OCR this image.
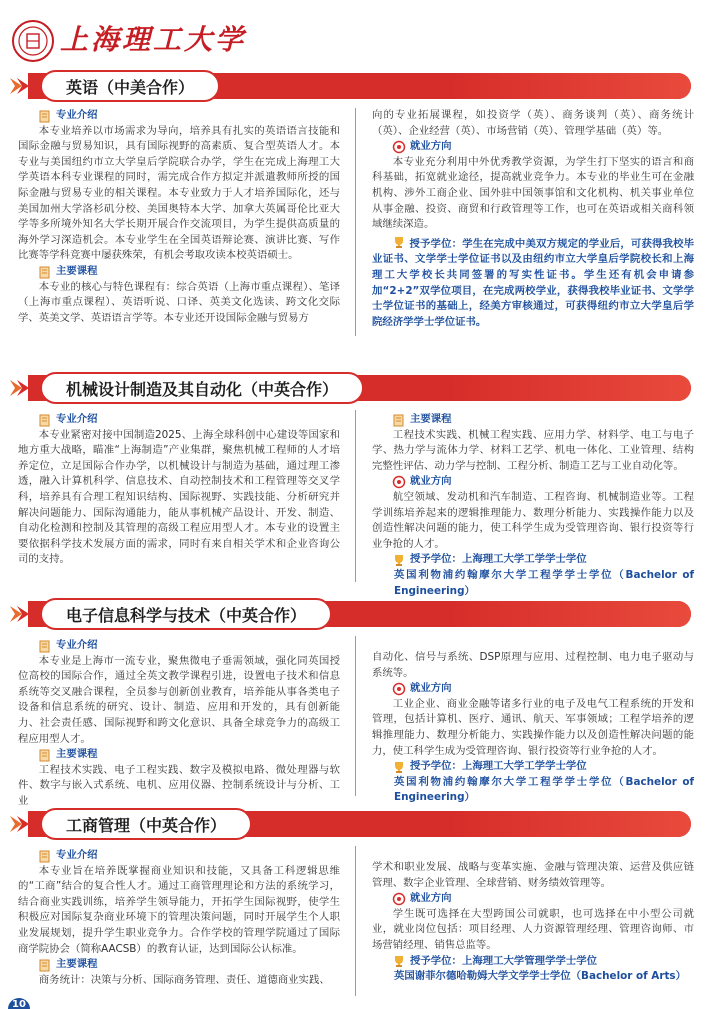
上海理工大学
英语（中美合作）
专业介绍

本专业培养以市场需求为导向，培养具有扎实的英语语言技能和国际金融与贸易知识，具有国际视野的高素质、复合型英语人才。本专业与美国纽约市立大学皇后学院联合办学，学生在完成上海理工大学英语本科专业课程的同时，需完成合作方拟定并派遣教师所授的国际金融与贸易专业的相关课程。本专业致力于人才培养国际化，还与美国加州大学洛杉矶分校、美国奥特本大学、加拿大英属哥伦比亚大学等多所境外知名大学长期开展合作交流项目，为学生提供高质量的海外学习深造机会。本专业学生在全国英语辩论赛、演讲比赛、写作比赛等学科竞赛中屡获殊荣，有机会考取攻读本校英语硕士。

主要课程

本专业的核心与特色课程有：综合英语（上海市重点课程）、笔译（上海市重点课程）、英语听说、口译、英美文化选读、跨文化交际学、英美文学、英语语言学等。本专业还开设国际金融与贸易方

向的专业拓展课程，如投资学（英）、商务谈判（英）、商务统计（英）、企业经营（英）、市场营销（英）、管理学基础（英）等。

就业方向

本专业充分利用中外优秀教学资源，为学生打下坚实的语言和商科基础，拓宽就业途径，提高就业竞争力。本专业的毕业生可在金融机构、涉外工商企业、国外驻中国领事馆和文化机构、机关事业单位从事金融、投资、商贸和行政管理等工作，也可在英语或相关商科领域继续深造。

授予学位：学生在完成中美双方规定的学业后，可获得我校毕业证书、文学学士学位证书以及由纽约市立大学皇后学院校长和上海理工大学校长共同签署的写实性证书。学生还有机会申请参加“2+2”双学位项目，在完成两校学业，获得我校毕业证书、文学学士学位证书的基础上，经美方审核通过，可获得纽约市立大学皇后学院经济学学士学位证书。

机械设计制造及其自动化（中英合作）
专业介绍

本专业紧密对接中国制造2025、上海全球科创中心建设等国家和地方重大战略，瞄准“上海制造”产业集群，聚焦机械工程师的人才培养定位，立足国际合作办学，以机械设计与制造为基础，通过理工渗透，融入计算机科学、信息技术、自动控制技术和工程管理等交叉学科，培养具有合理工程知识结构、国际视野、实践技能、分析研究并解决问题能力、国际沟通能力，能从事机械产品设计、开发、制造、自动化检测和控制及其管理的高级工程应用型人才。本专业的设置主要依据科学技术发展方面的需求，同时有来自相关学术和企业咨询公司的支持。

主要课程

工程技术实践、机械工程实践、应用力学、材料学、电工与电子学、热力学与流体力学、材料工艺学、机电一体化、工业管理、结构完整性评估、动力学与控制、工程分析、制造工艺与工业自动化等。

就业方向

航空领域、发动机和汽车制造、工程咨询、机械制造业等。工程学训练培养起来的逻辑推理能力、数理分析能力、实践操作能力以及创造性解决问题的能力，使工科学生成为受管理咨询、银行投资等行业争抢的人才。

授予学位：上海理工大学工学学士学位
英国利物浦约翰摩尔大学工程学学士学位（Bachelor of Engineering）
电子信息科学与技术（中英合作）
专业介绍

本专业是上海市一流专业，聚焦微电子垂需领域，强化同英国授位高校的国际合作，通过全英文教学课程引进，设置电子技术和信息系统等交叉融合课程，全员参与创新创业教育，培养能从事各类电子设备和信息系统的研究、设计、制造、应用和开发的，具有创新能力、社会责任感、国际视野和跨文化意识、具备全球竞争力的高级工程应用型人才。

主要课程

工程技术实践、电子工程实践、数字及模拟电路、微处理器与软件、数字与嵌入式系统、电机、应用仪器、控制系统设计与分析、工业

自动化、信号与系统、DSP原理与应用、过程控制、电力电子驱动与系统等。

就业方向

工业企业、商业金融等诸多行业的电子及电气工程系统的开发和管理，包括计算机、医疗、通讯、航天、军事领域；工程学培养的逻辑推理能力、数理分析能力、实践操作能力以及创造性解决问题的能力，使工科学生成为受管理咨询、银行投资等行业争抢的人才。

授予学位：上海理工大学工学学士学位
英国利物浦约翰摩尔大学工程学学士学位（Bachelor of Engineering）
工商管理（中英合作）
专业介绍

本专业旨在培养既掌握商业知识和技能，又具备工科逻辑思维的“工商”结合的复合性人才。通过工商管理理论和方法的系统学习，结合商业实践训练，培养学生领导能力，开拓学生国际视野，使学生积极应对国际复杂商业环境下的管理决策问题，同时开展学生个人职业发展规划，提升学生职业竞争力。合作学校的管理学院通过了国际商学院协会（简称AACSB）的教育认证，达到国际公认标准。

主要课程

商务统计：决策与分析、国际商务管理、责任、道德商业实践、

学术和职业发展、战略与变革实施、金融与管理决策、运营及供应链管理、数字企业管理、全球营销、财务绩效管理等。

就业方向

学生既可选择在大型跨国公司就职，也可选择在中小型公司就业，就业岗位包括：项目经理、人力资源管理经理、管理咨询师、市场营销经理、销售总监等。

授予学位：上海理工大学管理学学士学位
英国谢菲尔德哈勒姆大学文学学士学位（Bachelor of Arts）
10
